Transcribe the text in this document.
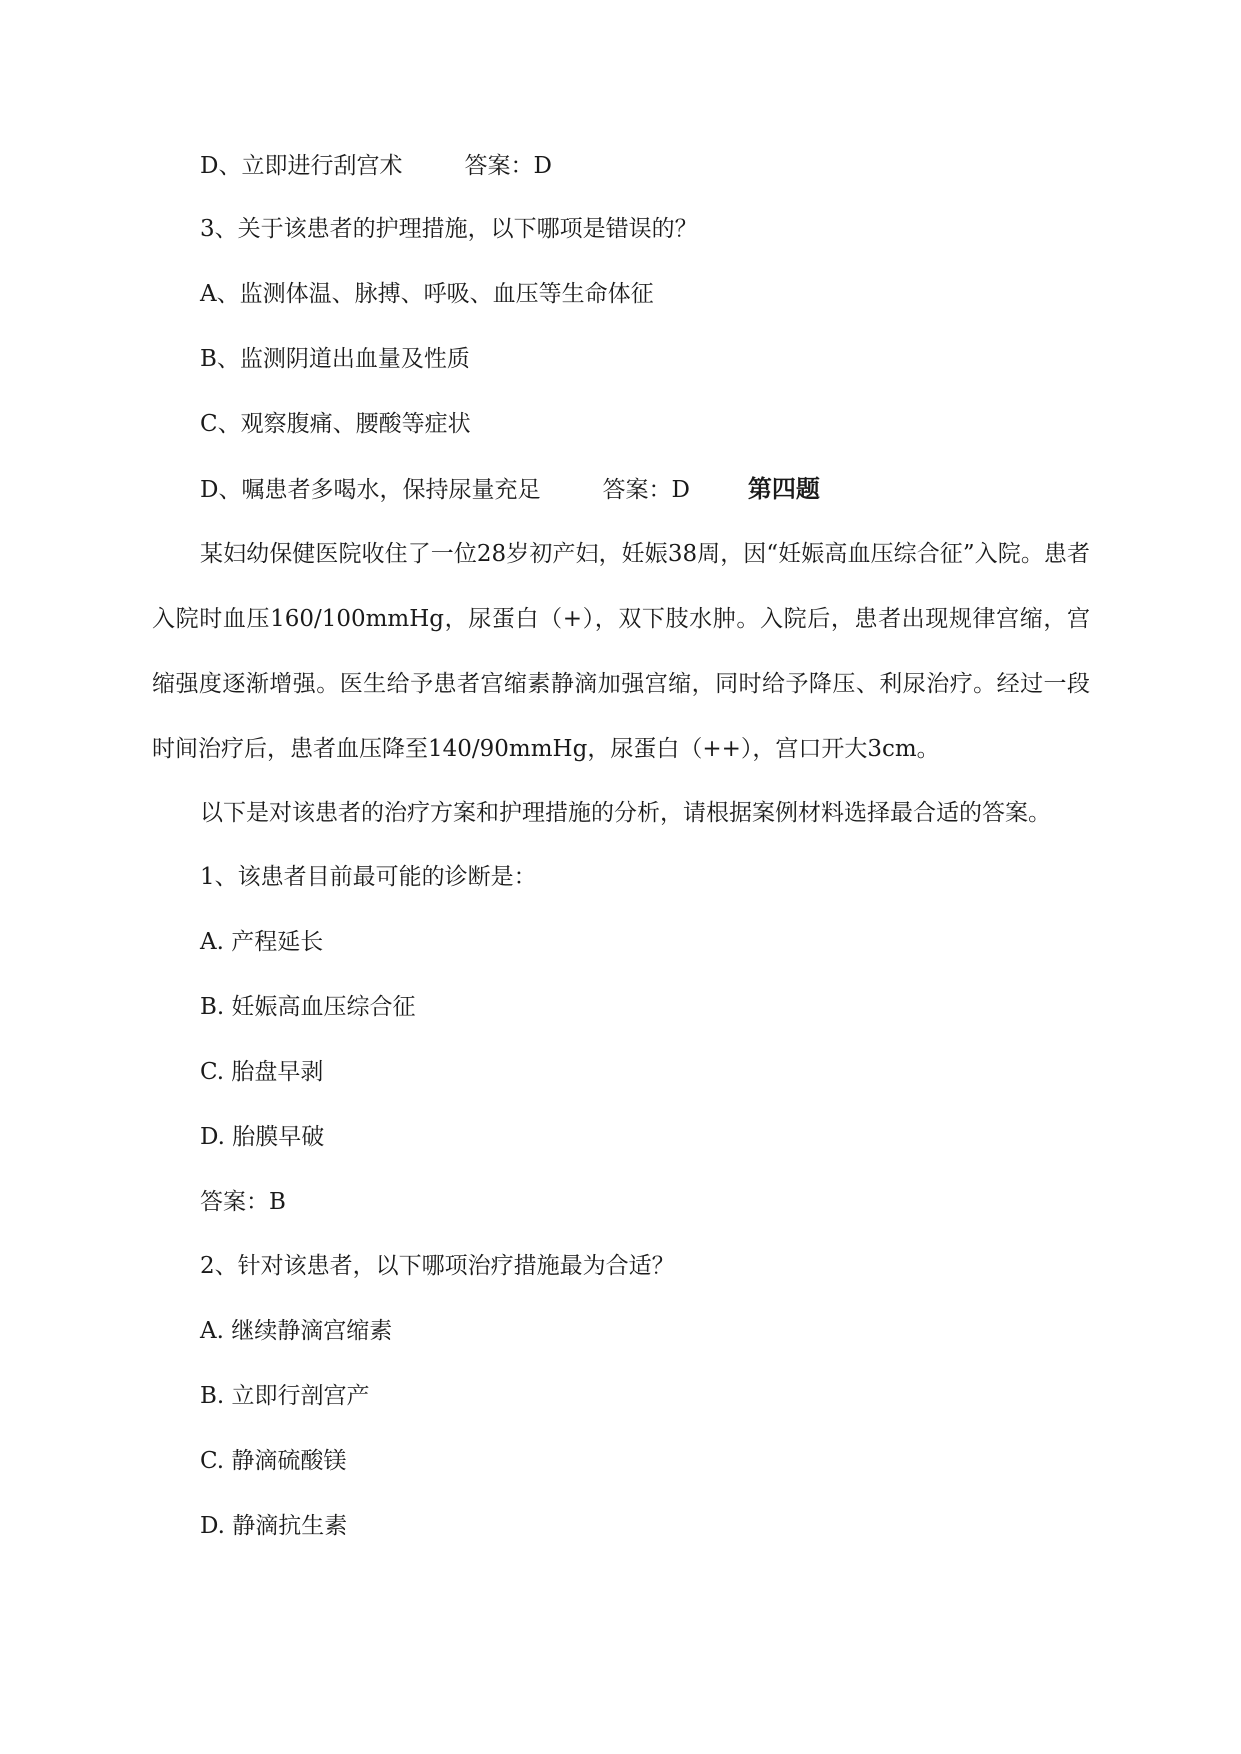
D、立即进行刮宫术	答案：D
3、关于该患者的护理措施，以下哪项是错误的？
A、监测体温、脉搏、呼吸、血压等生命体征
B、监测阴道出血量及性质
C、观察腹痛、腰酸等症状
D、嘱患者多喝水，保持尿量充足	答案：D 第四题
某妇幼保健医院收住了一位28岁初产妇，妊娠38周，因“妊娠高血压综合征”入院。患者入院时血压160/100mmHg，尿蛋白（+），双下肢水肿。入院后，患者出现规律宫缩，宫缩强度逐渐增强。医生给予患者宫缩素静滴加强宫缩，同时给予降压、利尿治疗。经过一段时间治疗后，患者血压降至140/90mmHg，尿蛋白（++），宫口开大3cm。
以下是对该患者的治疗方案和护理措施的分析，请根据案例材料选择最合适的答案。
1、该患者目前最可能的诊断是：
A. 产程延长
B. 妊娠高血压综合征
C. 胎盘早剥
D. 胎膜早破
答案：B
2、针对该患者，以下哪项治疗措施最为合适？
A. 继续静滴宫缩素
B. 立即行剖宫产
C. 静滴硫酸镁
D. 静滴抗生素
